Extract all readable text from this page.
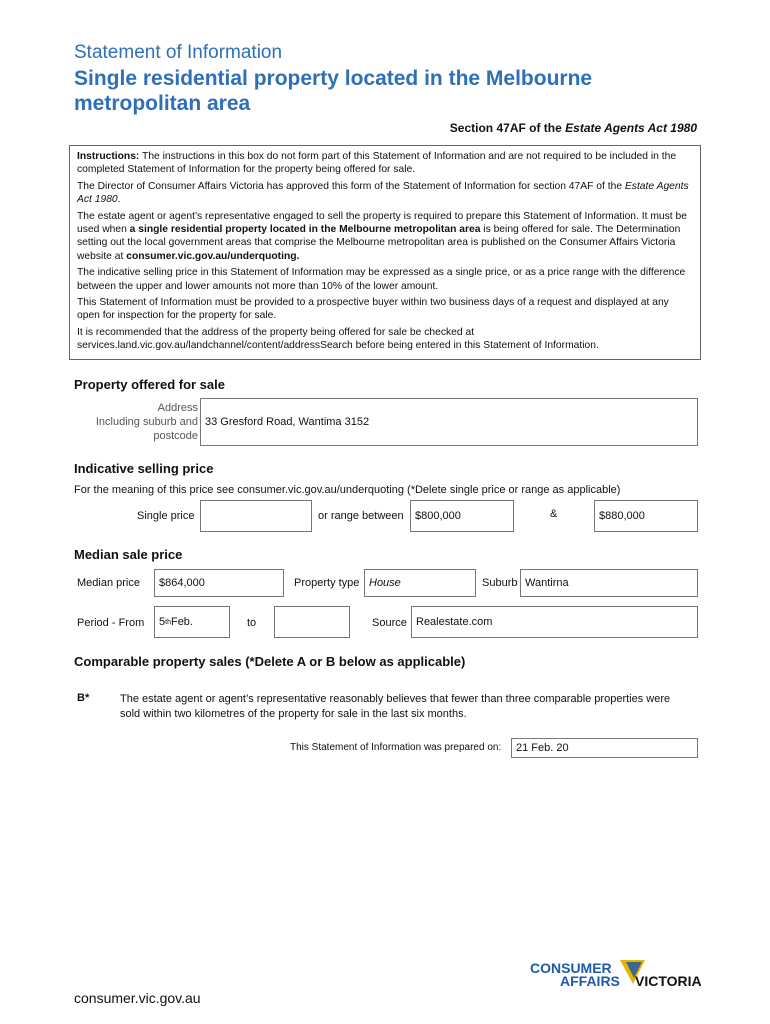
Statement of Information
Single residential property located in the Melbourne metropolitan area
Section 47AF of the Estate Agents Act 1980

Instructions: The instructions in this box do not form part of this Statement of Information and are not required to be included in the completed Statement of Information for the property being offered for sale.

The Director of Consumer Affairs Victoria has approved this form of the Statement of Information for section 47AF of the Estate Agents Act 1980.

The estate agent or agent’s representative engaged to sell the property is required to prepare this Statement of Information. It must be used when a single residential property located in the Melbourne metropolitan area is being offered for sale. The Determination setting out the local government areas that comprise the Melbourne metropolitan area is published on the Consumer Affairs Victoria website at consumer.vic.gov.au/underquoting.

The indicative selling price in this Statement of Information may be expressed as a single price, or as a price range with the difference between the upper and lower amounts not more than 10% of the lower amount.

This Statement of Information must be provided to a prospective buyer within two business days of a request and displayed at any open for inspection for the property for sale.

It is recommended that the address of the property being offered for sale be checked at services.land.vic.gov.au/landchannel/content/addressSearch before being entered in this Statement of Information.

Property offered for sale
Address
Including suburb and
postcode
33 Gresford Road, Wantima 3152
Indicative selling price
For the meaning of this price see consumer.vic.gov.au/underquoting (*Delete single price or range as applicable)
Single price	or range between	$800,000	&	$880,000
Median sale price
Median price	$864,000	Property type House	Suburb Wantirna
Period - From 5 th Feb.	to	Source Realestate.com
Comparable property sales (*Delete A or B below as applicable)
B*	The estate agent or agent’s representative reasonably believes that fewer than three comparable properties were sold within two kilometres of the property for sale in the last six months.
This Statement of Information was prepared on:	21 Feb. 20
CONSUMER
AFFAIRS VICTORIA
consumer.vic.gov.au
